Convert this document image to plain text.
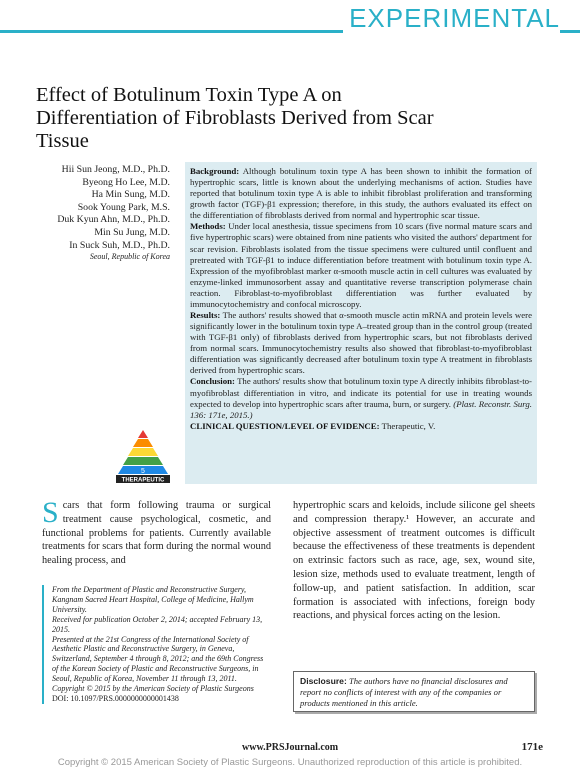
EXPERIMENTAL
Effect of Botulinum Toxin Type A on Differentiation of Fibroblasts Derived from Scar Tissue
Hii Sun Jeong, M.D., Ph.D.
Byeong Ho Lee, M.D.
Ha Min Sung, M.D.
Sook Young Park, M.S.
Duk Kyun Ahn, M.D., Ph.D.
Min Su Jung, M.D.
In Suck Suh, M.D., Ph.D.
Seoul, Republic of Korea

Background: Although botulinum toxin type A has been shown to inhibit the formation of hypertrophic scars, little is known about the underlying mechanisms of action. Studies have reported that botulinum toxin type A is able to inhibit fibroblast proliferation and transforming growth factor (TGF)-β1 expression; therefore, in this study, the authors evaluated its effect on the differentiation of fibroblasts derived from normal and hypertrophic scar tissue.

Methods: Under local anesthesia, tissue specimens from 10 scars (five normal mature scars and five hypertrophic scars) were obtained from nine patients who visited the authors' department for scar revision. Fibroblasts isolated from the tissue specimens were cultured until confluent and pretreated with TGF-β1 to induce differentiation before treatment with botulinum toxin type A. Expression of the myofibroblast marker α-smooth muscle actin in cell cultures was evaluated by enzyme-linked immunosorbent assay and quantitative reverse transcription polymerase chain reaction. Fibroblast-to-myofibroblast differentiation was further evaluated by immunocytochemistry and confocal microscopy.

Results: The authors' results showed that α-smooth muscle actin mRNA and protein levels were significantly lower in the botulinum toxin type A–treated group than in the control group (treated with TGF-β1 only) of fibroblasts derived from hypertrophic scars, but not fibroblasts derived from normal scars. Immunocytochemistry results also showed that fibroblast-to-myofibroblast differentiation was significantly decreased after botulinum toxin type A treatment in fibroblasts derived from hypertrophic scars.

Conclusion: The authors' results show that botulinum toxin type A directly inhibits fibroblast-to-myofibroblast differentiation in vitro, and indicate its potential for use in treating wounds expected to develop into hypertrophic scars after trauma, burn, or surgery. (Plast. Reconstr. Surg. 136: 171e, 2015.)

CLINICAL QUESTION/LEVEL OF EVIDENCE: Therapeutic, V.

5
THERAPEUTIC

Scars that form following trauma or surgical treatment cause psychological, cosmetic, and functional problems for patients. Currently available treatments for scars that form during the normal wound healing process, and

hypertrophic scars and keloids, include silicone gel sheets and compression therapy.¹ However, an accurate and objective assessment of treatment outcomes is difficult because the effectiveness of these treatments is dependent on extrinsic factors such as race, age, sex, wound site, lesion size, methods used to evaluate treatment, length of follow-up, and patient satisfaction. In addition, scar formation is associated with infections, foreign body reactions, and physical forces acting on the lesion.

From the Department of Plastic and Reconstructive Surgery, Kangnam Sacred Heart Hospital, College of Medicine, Hallym University.

Received for publication October 2, 2014; accepted February 13, 2015.

Presented at the 21st Congress of the International Society of Aesthetic Plastic and Reconstructive Surgery, in Geneva, Switzerland, September 4 through 8, 2012; and the 69th Congress of the Korean Society of Plastic and Reconstructive Surgeons, in Seoul, Republic of Korea, November 11 through 13, 2011.

Copyright © 2015 by the American Society of Plastic Surgeons

DOI: 10.1097/PRS.0000000000001438

Disclosure: The authors have no financial disclosures and report no conflicts of interest with any of the companies or products mentioned in this article.
www.PRSJournal.com	171e
Copyright © 2015 American Society of Plastic Surgeons. Unauthorized reproduction of this article is prohibited.
